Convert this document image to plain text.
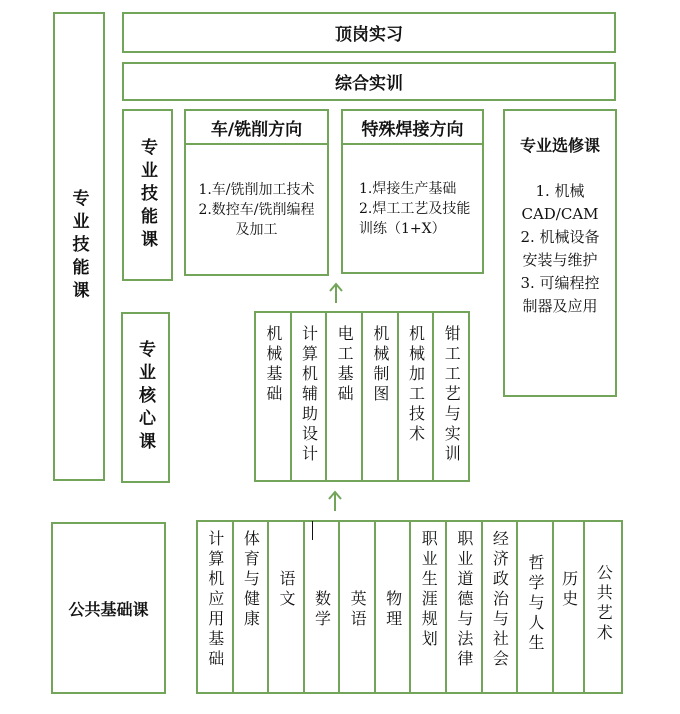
专业技能课
顶岗实习
综合实训
专业技能课
车/铣削方向
1.车/铣削加工技术
2.数控车/铣削编程及加工
特殊焊接方向
1.焊接生产基础
2.焊工工艺及技能训练（1+X）
专业选修课
1. 机械CAD/CAM
2. 机械设备安装与维护
3. 可编程控制器及应用
专业核心课	机械基础 计算机辅助设计 电工基础 机械制图 机械加工技术 钳工工艺与实训
公共基础课	计算机应用基础 体育与健康 语文 数学 英语 物理 职业生涯规划 职业道德与法律 经济政治与社会 哲学与人生 历史 公共艺术
